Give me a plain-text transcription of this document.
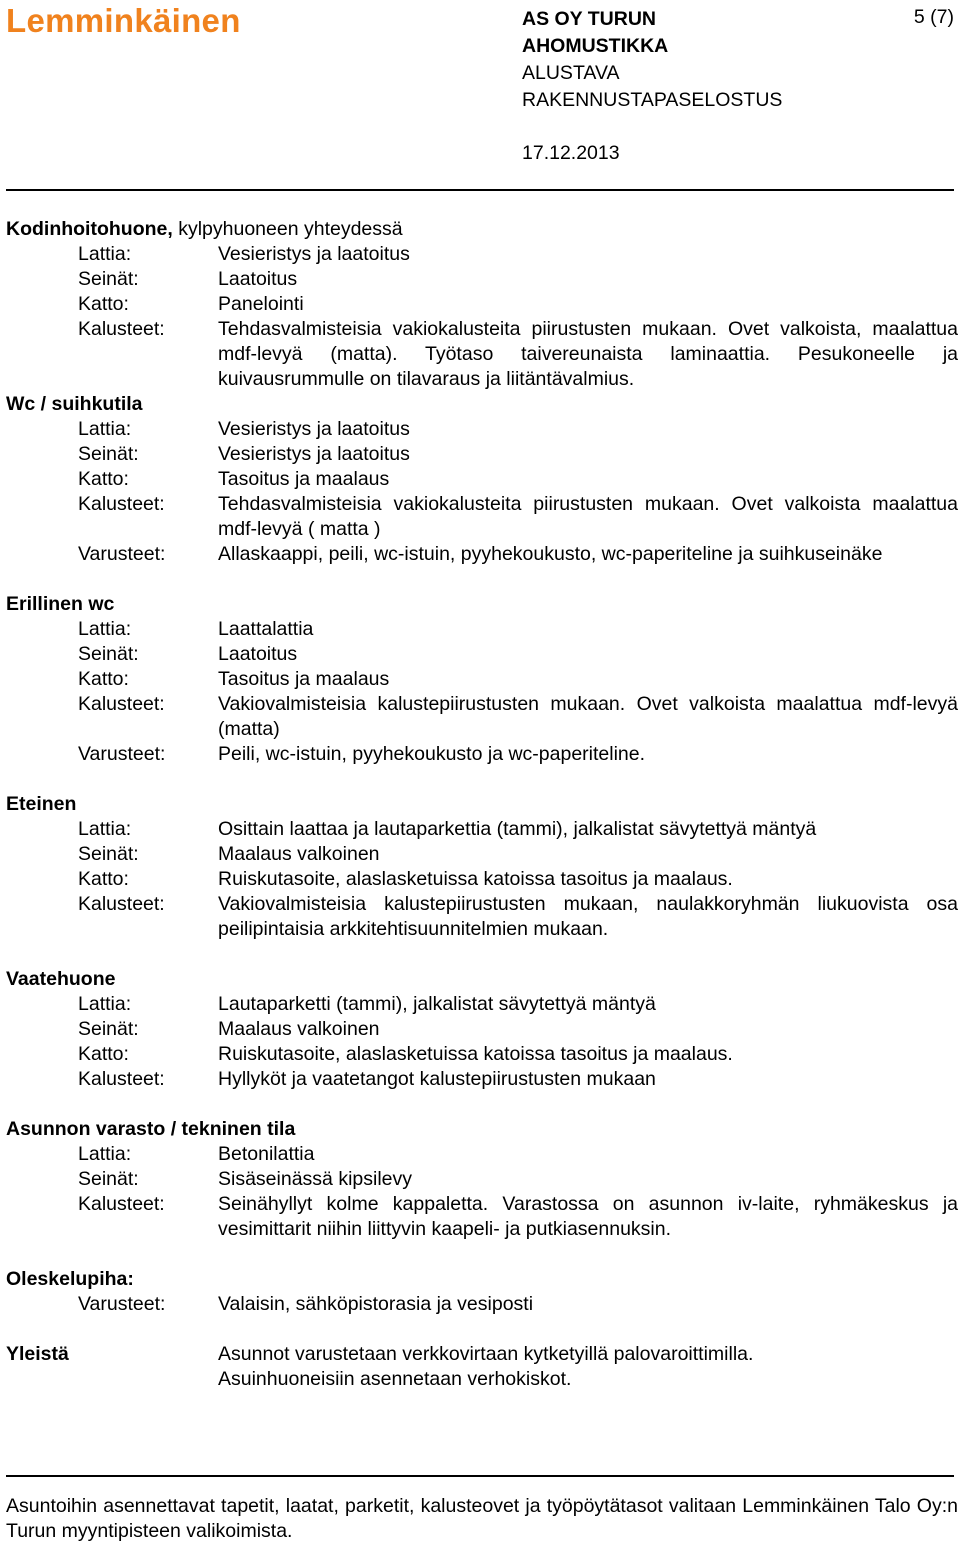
Lemminkäinen	AS OY TURUN
AHOMUSTIKKA
ALUSTAVA
RAKENNUSTAPASELOSTUS
5 (7)
17.12.2013
Kodinhoitohuone, kylpyhuoneen yhteydessä
Lattia:	Vesieristys ja laatoitus
Seinät:	Laatoitus
Katto:	Panelointi
Kalusteet:	Tehdasvalmisteisia vakiokalusteita piirustusten mukaan. Ovet valkoista, maalattua mdf-levyä (matta). Työtaso taivereunaista laminaattia. Pesukoneelle ja kuivausrummulle on tilavaraus ja liitäntävalmius.
Wc / suihkutila
Lattia:	Vesieristys ja laatoitus
Seinät:	Vesieristys ja laatoitus
Katto:	Tasoitus ja maalaus
Kalusteet:	Tehdasvalmisteisia vakiokalusteita piirustusten mukaan. Ovet valkoista maalattua mdf-levyä ( matta )
Varusteet:	Allaskaappi, peili, wc-istuin, pyyhekoukusto, wc-paperiteline ja suihkuseinäke
Erillinen wc
Lattia:	Laattalattia
Seinät:	Laatoitus
Katto:	Tasoitus ja maalaus
Kalusteet:	Vakiovalmisteisia kalustepiirustusten mukaan. Ovet valkoista maalattua mdf-levyä (matta)
Varusteet:	Peili, wc-istuin, pyyhekoukusto ja wc-paperiteline.
Eteinen
Lattia:	Osittain laattaa ja lautaparkettia (tammi), jalkalistat sävytettyä mäntyä
Seinät:	Maalaus valkoinen
Katto:	Ruiskutasoite, alaslasketuissa katoissa tasoitus ja maalaus.
Kalusteet:	Vakiovalmisteisia kalustepiirustusten mukaan, naulakkoryhmän liukuovista osa peilipintaisia arkkitehtisuunnitelmien mukaan.
Vaatehuone
Lattia:	Lautaparketti (tammi), jalkalistat sävytettyä mäntyä
Seinät:	Maalaus valkoinen
Katto:	Ruiskutasoite, alaslasketuissa katoissa tasoitus ja maalaus.
Kalusteet:	Hyllyköt ja vaatetangot kalustepiirustusten mukaan
Asunnon varasto / tekninen tila
Lattia:	Betonilattia
Seinät:	Sisäseinässä kipsilevy
Kalusteet:	Seinähyllyt kolme kappaletta. Varastossa on asunnon iv-laite, ryhmäkeskus ja vesimittarit niihin liittyvin kaapeli- ja putkiasennuksin.
Oleskelupiha:
Varusteet:	Valaisin, sähköpistorasia ja vesiposti
Yleistä	Asunnot varustetaan verkkovirtaan kytketyillä palovaroittimilla.
Asuinhuoneisiin asennetaan verhokiskot.
Asuntoihin asennettavat tapetit, laatat, parketit, kalusteovet ja työpöytätasot valitaan Lemminkäinen Talo Oy:n Turun myyntipisteen valikoimista.
